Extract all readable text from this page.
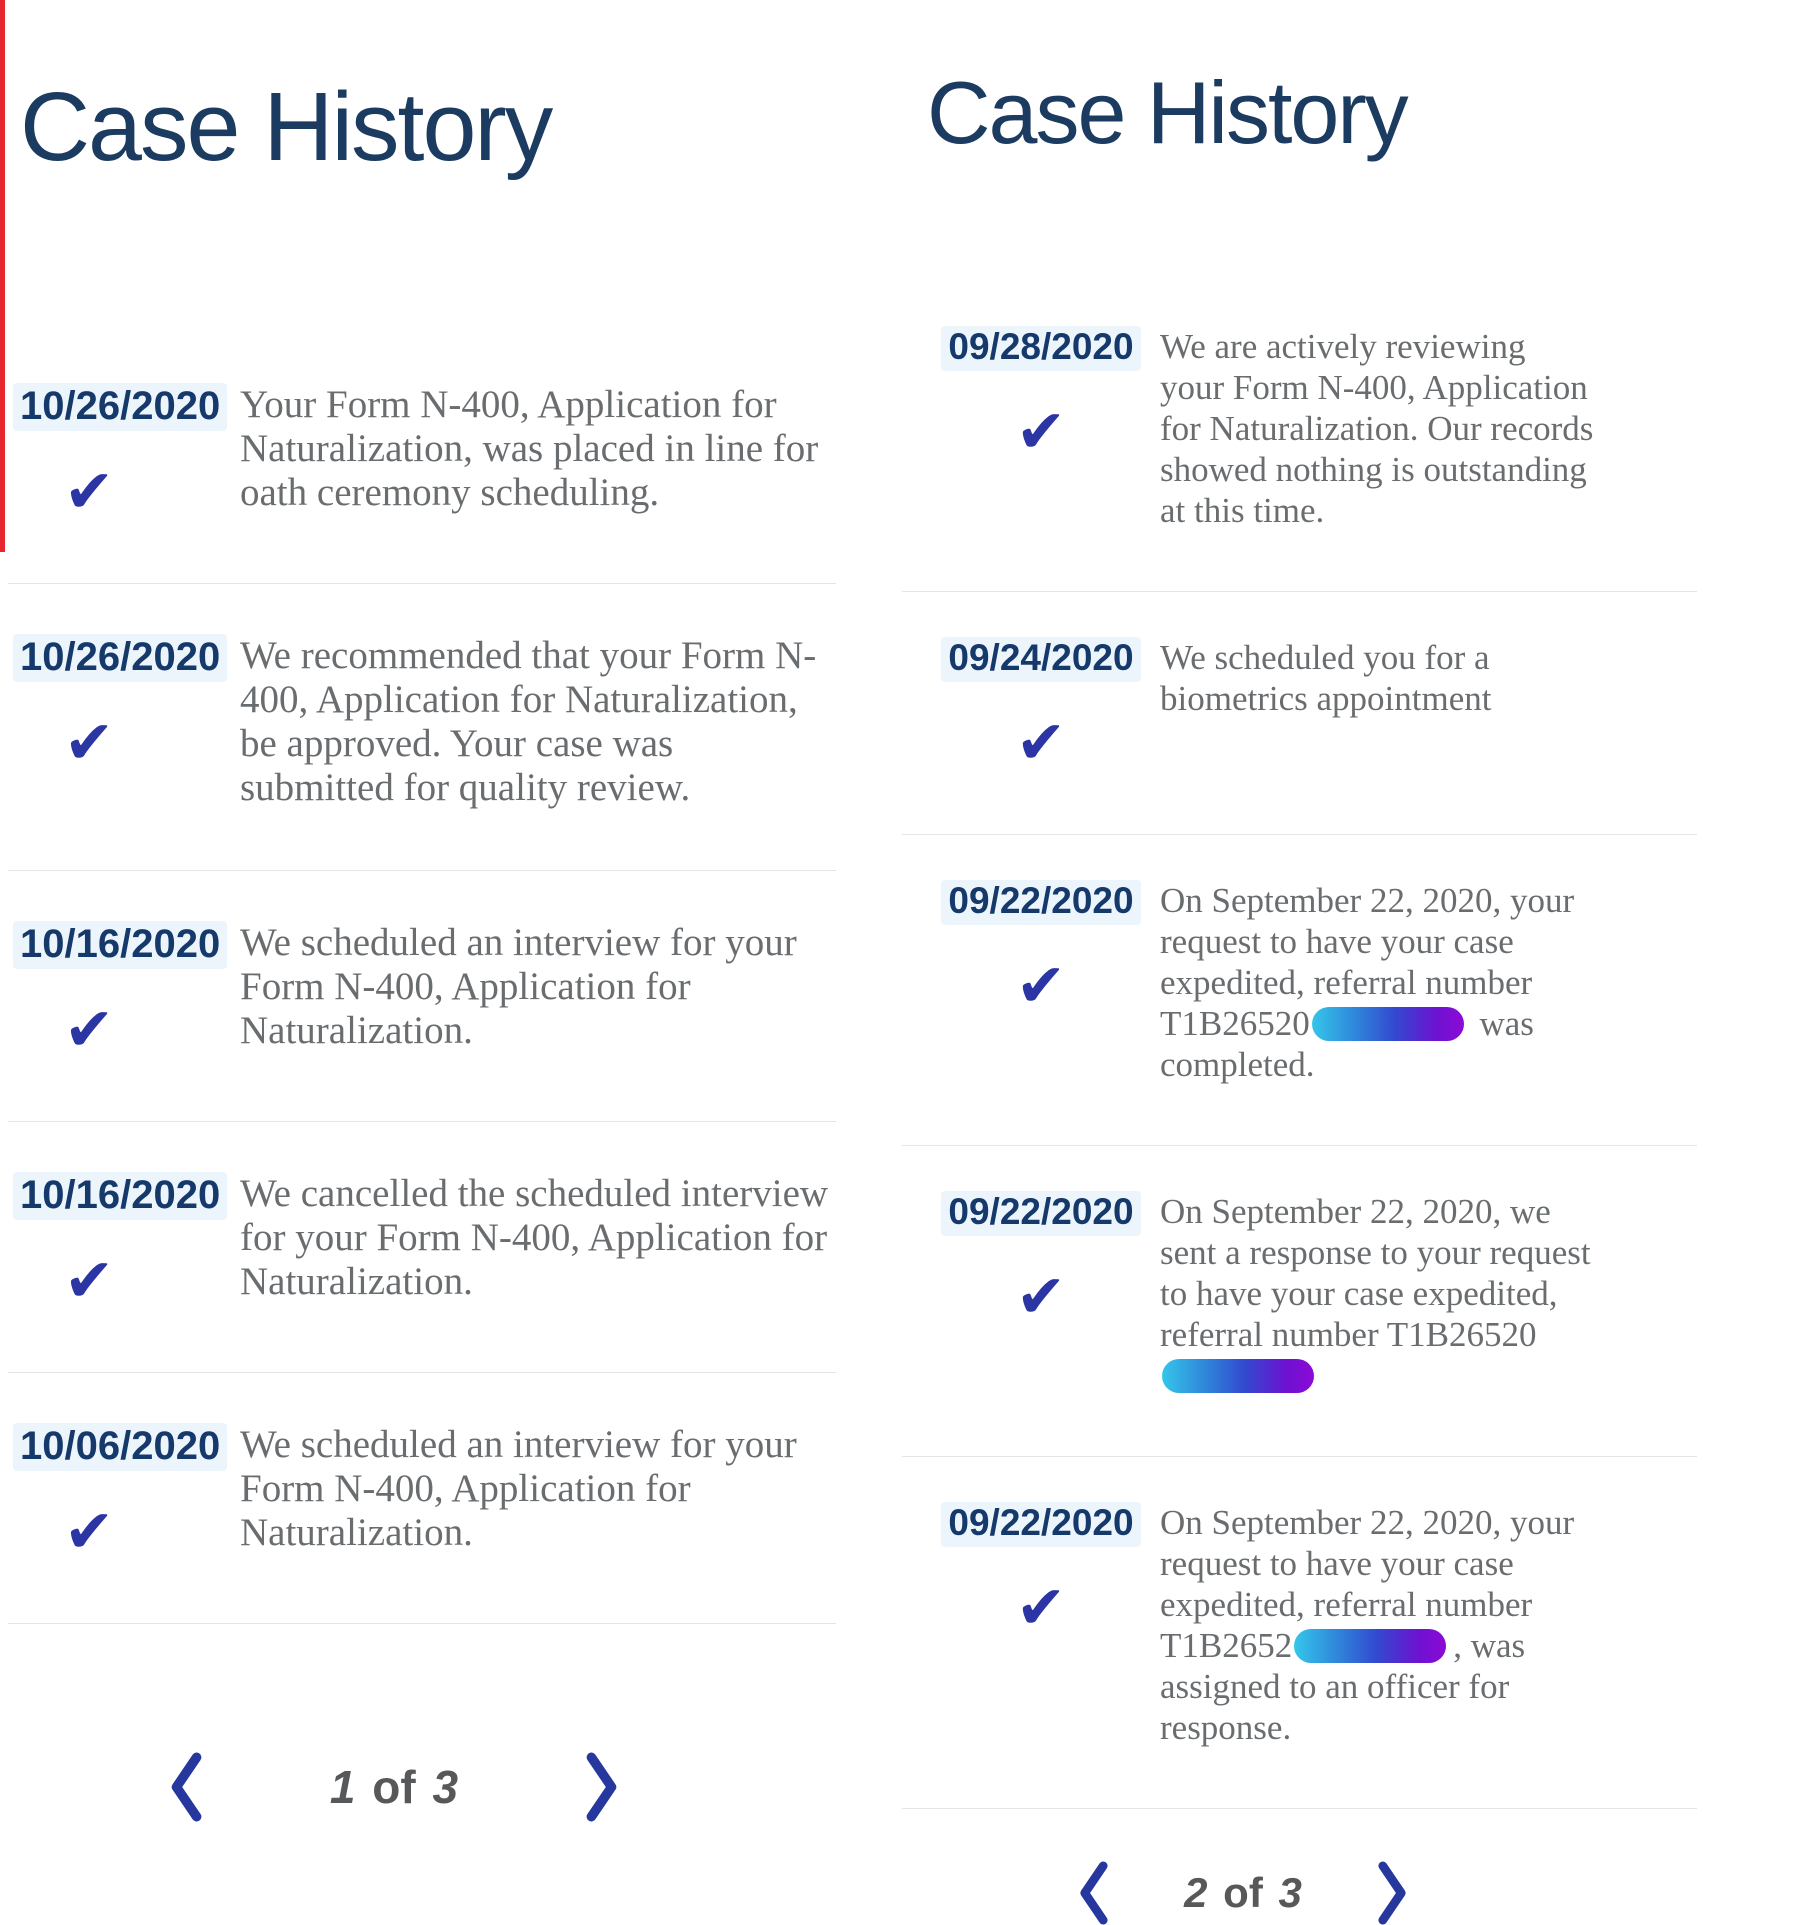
Case History
10/26/2020
✔
Your Form N-400, Application for Naturalization, was placed in line for oath ceremony scheduling.
10/26/2020
✔
We recommended that your Form N-400, Application for Naturalization, be approved. Your case was submitted for quality review.
10/16/2020
✔
We scheduled an interview for your Form N-400, Application for Naturalization.
10/16/2020
✔
We cancelled the scheduled interview for your Form N-400, Application for Naturalization.
10/06/2020
✔
We scheduled an interview for your Form N-400, Application for Naturalization.
1 of 3
Case History
09/28/2020
✔
We are actively reviewing your Form N-400, Application for Naturalization. Our records showed nothing is outstanding at this time.
09/24/2020
✔
We scheduled you for a biometrics appointment
09/22/2020
✔
On September 22, 2020, your request to have your case expedited, referral number T1B26520	was completed.
09/22/2020
✔
On September 22, 2020, we sent a response to your request to have your case expedited, referral number T1B26520
09/22/2020
✔
On September 22, 2020, your request to have your case expedited, referral number T1B2652	, was assigned to an officer for response.
2 of 3
